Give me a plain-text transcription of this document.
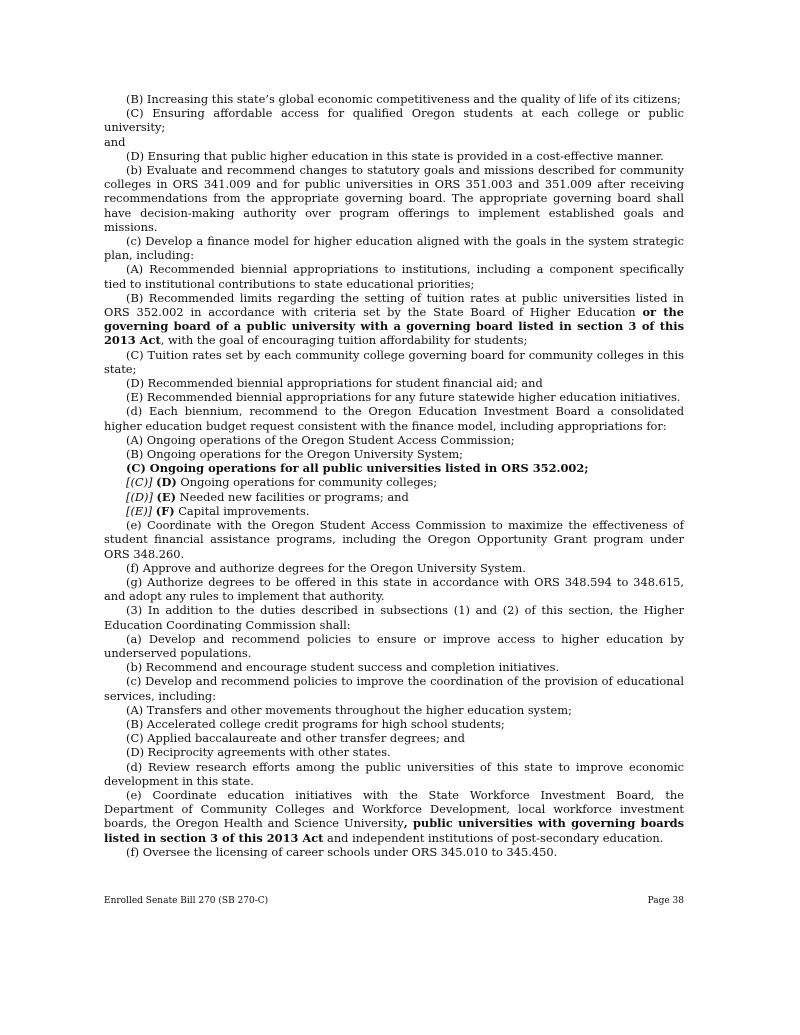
(B) Increasing this state’s global economic competitiveness and the quality of life of its citizens;

(C) Ensuring affordable access for qualified Oregon students at each college or public university;

and

(D) Ensuring that public higher education in this state is provided in a cost-effective manner.

(b) Evaluate and recommend changes to statutory goals and missions described for community colleges in ORS 341.009 and for public universities in ORS 351.003 and 351.009 after receiving recommendations from the appropriate governing board. The appropriate governing board shall have decision-making authority over program offerings to implement established goals and missions.

(c) Develop a finance model for higher education aligned with the goals in the system strategic plan, including:

(A) Recommended biennial appropriations to institutions, including a component specifically tied to institutional contributions to state educational priorities;

(B) Recommended limits regarding the setting of tuition rates at public universities listed in ORS 352.002 in accordance with criteria set by the State Board of Higher Education or the governing board of a public university with a governing board listed in section 3 of this 2013 Act, with the goal of encouraging tuition affordability for students;

(C) Tuition rates set by each community college governing board for community colleges in this state;

(D) Recommended biennial appropriations for student financial aid; and

(E) Recommended biennial appropriations for any future statewide higher education initiatives.

(d) Each biennium, recommend to the Oregon Education Investment Board a consolidated higher education budget request consistent with the finance model, including appropriations for:

(A) Ongoing operations of the Oregon Student Access Commission;

(B) Ongoing operations for the Oregon University System;

(C) Ongoing operations for all public universities listed in ORS 352.002;

[(C)] (D) Ongoing operations for community colleges;

[(D)] (E) Needed new facilities or programs; and

[(E)] (F) Capital improvements.

(e) Coordinate with the Oregon Student Access Commission to maximize the effectiveness of student financial assistance programs, including the Oregon Opportunity Grant program under ORS 348.260.

(f) Approve and authorize degrees for the Oregon University System.

(g) Authorize degrees to be offered in this state in accordance with ORS 348.594 to 348.615, and adopt any rules to implement that authority.

(3) In addition to the duties described in subsections (1) and (2) of this section, the Higher Education Coordinating Commission shall:

(a) Develop and recommend policies to ensure or improve access to higher education by underserved populations.

(b) Recommend and encourage student success and completion initiatives.

(c) Develop and recommend policies to improve the coordination of the provision of educational services, including:

(A) Transfers and other movements throughout the higher education system;

(B) Accelerated college credit programs for high school students;

(C) Applied baccalaureate and other transfer degrees; and

(D) Reciprocity agreements with other states.

(d) Review research efforts among the public universities of this state to improve economic development in this state.

(e) Coordinate education initiatives with the State Workforce Investment Board, the Department of Community Colleges and Workforce Development, local workforce investment boards, the Oregon Health and Science University, public universities with governing boards listed in section 3 of this 2013 Act and independent institutions of post-secondary education.

(f) Oversee the licensing of career schools under ORS 345.010 to 345.450.

Enrolled Senate Bill 270 (SB 270-C)	Page 38
